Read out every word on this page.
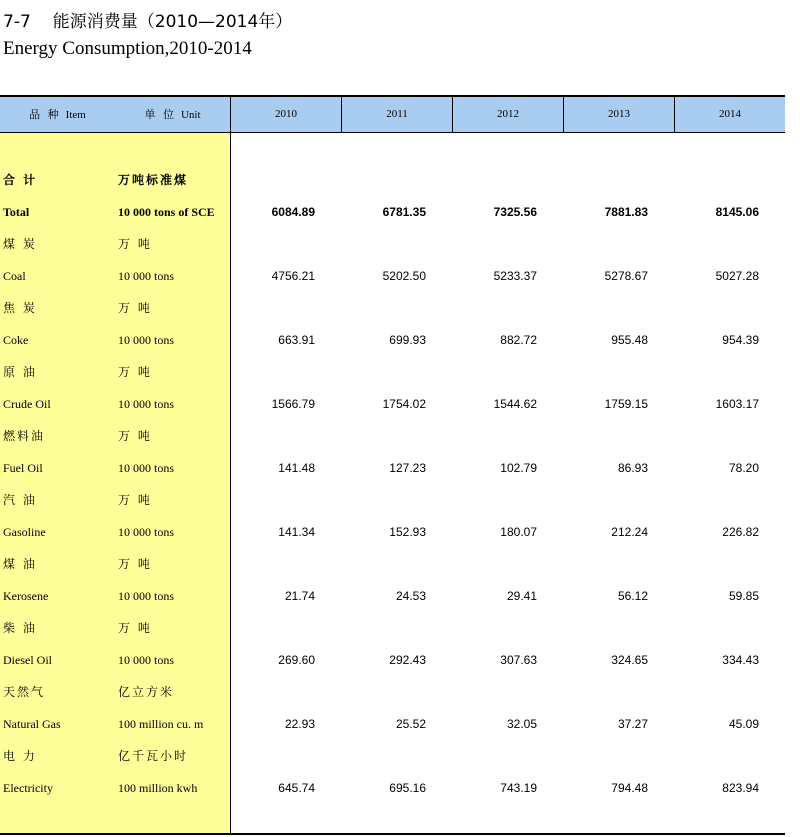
7-7 能源消费量（2010—2014年）
Energy Consumption,2010-2014
品 种 Item	单 位 Unit	2010	2011	2012	2013	2014
合 计	万吨标准煤
Total	10 000 tons of SCE	6084.89	6781.35	7325.56	7881.83	8145.06
煤 炭	万 吨
Coal	10 000 tons	4756.21	5202.50	5233.37	5278.67	5027.28
焦 炭	万 吨
Coke	10 000 tons	663.91	699.93	882.72	955.48	954.39
原 油	万 吨
Crude Oil	10 000 tons	1566.79	1754.02	1544.62	1759.15	1603.17
燃料油	万 吨
Fuel Oil	10 000 tons	141.48	127.23	102.79	86.93	78.20
汽 油	万 吨
Gasoline	10 000 tons	141.34	152.93	180.07	212.24	226.82
煤 油	万 吨
Kerosene	10 000 tons	21.74	24.53	29.41	56.12	59.85
柴 油	万 吨
Diesel Oil	10 000 tons	269.60	292.43	307.63	324.65	334.43
天然气	亿立方米
Natural Gas	100 million cu. m	22.93	25.52	32.05	37.27	45.09
电 力	亿千瓦小时
Electricity	100 million kwh	645.74	695.16	743.19	794.48	823.94
